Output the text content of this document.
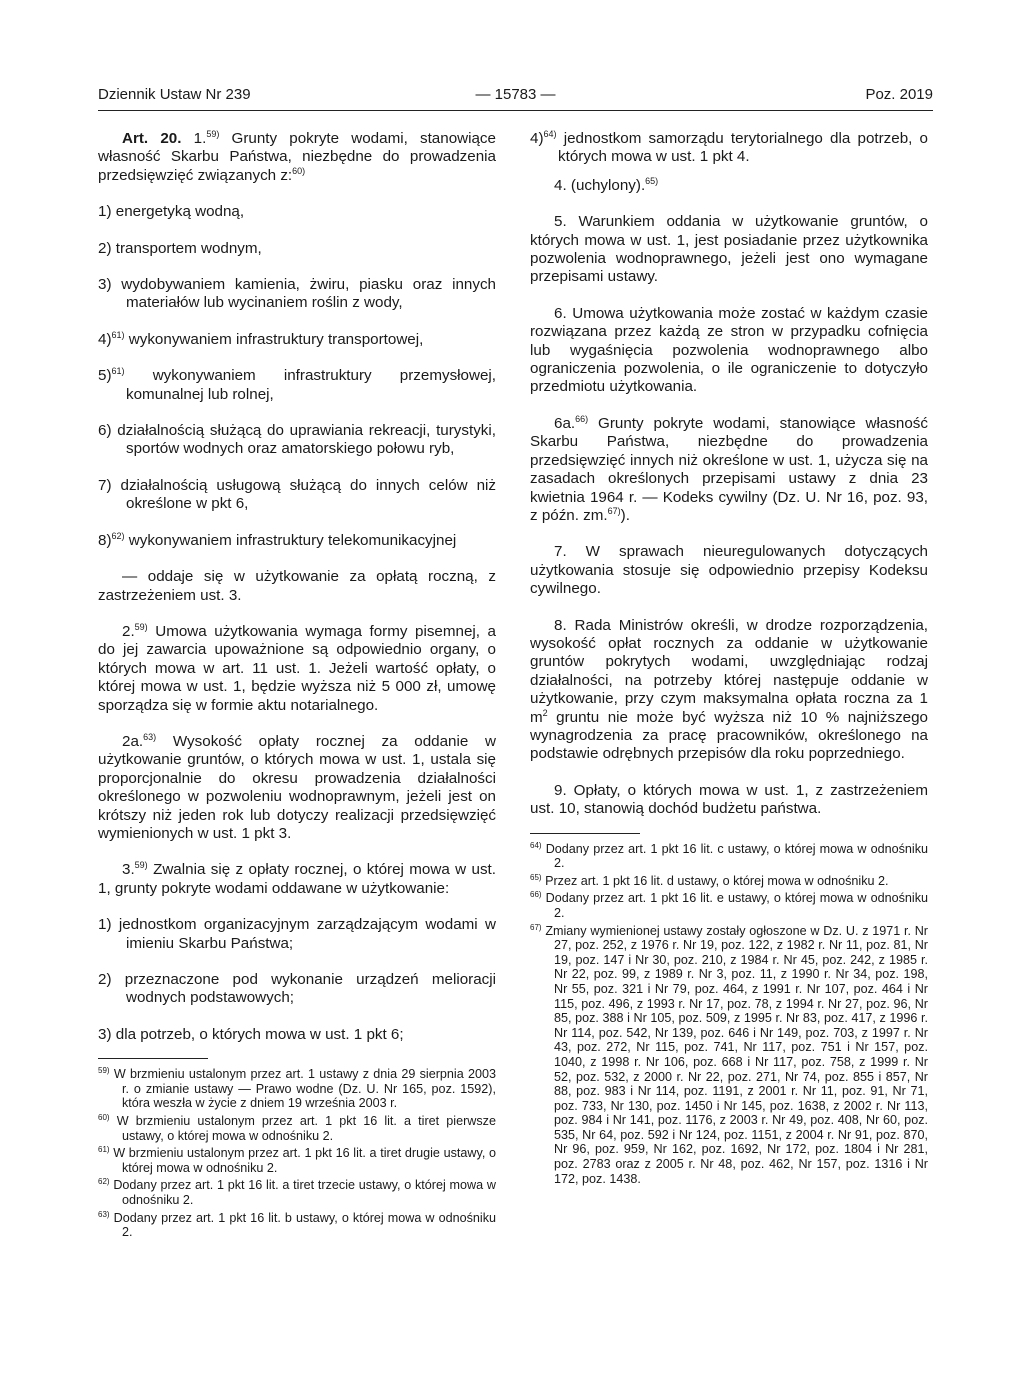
Dziennik Ustaw Nr 239	— 15783 —	Poz. 2019

Art. 20. 1.$^{59)}$ Grunty pokryte wodami, stanowiące własność Skarbu Państwa, niezbędne do prowadzenia przedsięwzięć związanych z:$^{60)}$

1) energetyką wodną,
2) transportem wodnym,
3) wydobywaniem kamienia, żwiru, piasku oraz innych materiałów lub wycinaniem roślin z wody,
4)$^{61)}$ wykonywaniem infrastruktury transportowej,
5)$^{61)}$ wykonywaniem infrastruktury przemysłowej, komunalnej lub rolnej,
6) działalnością służącą do uprawiania rekreacji, turystyki, sportów wodnych oraz amatorskiego połowu ryb,
7) działalnością usługową służącą do innych celów niż określone w pkt 6,
8)$^{62)}$ wykonywaniem infrastruktury telekomunikacyjnej

— oddaje się w użytkowanie za opłatą roczną, z zastrzeżeniem ust. 3.

2.$^{59)}$ Umowa użytkowania wymaga formy pisemnej, a do jej zawarcia upoważnione są odpowiednio organy, o których mowa w art. 11 ust. 1. Jeżeli wartość opłaty, o której mowa w ust. 1, będzie wyższa niż 5 000 zł, umowę sporządza się w formie aktu notarialnego.

2a.$^{63)}$ Wysokość opłaty rocznej za oddanie w użytkowanie gruntów, o których mowa w ust. 1, ustala się proporcjonalnie do okresu prowadzenia działalności określonego w pozwoleniu wodnoprawnym, jeżeli jest on krótszy niż jeden rok lub dotyczy realizacji przedsięwzięć wymienionych w ust. 1 pkt 3.

3.$^{59)}$ Zwalnia się z opłaty rocznej, o której mowa w ust. 1, grunty pokryte wodami oddawane w użytkowanie:

1) jednostkom organizacyjnym zarządzającym wodami w imieniu Skarbu Państwa;
2) przeznaczone pod wykonanie urządzeń melioracji wodnych podstawowych;
3) dla potrzeb, o których mowa w ust. 1 pkt 6;
$^{59)}$ W brzmieniu ustalonym przez art. 1 ustawy z dnia 29 sierpnia 2003 r. o zmianie ustawy — Prawo wodne (Dz. U. Nr 165, poz. 1592), która weszła w życie z dniem 19 września 2003 r.
$^{60)}$ W brzmieniu ustalonym przez art. 1 pkt 16 lit. a tiret pierwsze ustawy, o której mowa w odnośniku 2.
$^{61)}$ W brzmieniu ustalonym przez art. 1 pkt 16 lit. a tiret drugie ustawy, o której mowa w odnośniku 2.
$^{62)}$ Dodany przez art. 1 pkt 16 lit. a tiret trzecie ustawy, o której mowa w odnośniku 2.
$^{63)}$ Dodany przez art. 1 pkt 16 lit. b ustawy, o której mowa w odnośniku 2.
4)$^{64)}$ jednostkom samorządu terytorialnego dla potrzeb, o których mowa w ust. 1 pkt 4.

4. (uchylony).$^{65)}$

5. Warunkiem oddania w użytkowanie gruntów, o których mowa w ust. 1, jest posiadanie przez użytkownika pozwolenia wodnoprawnego, jeżeli jest ono wymagane przepisami ustawy.

6. Umowa użytkowania może zostać w każdym czasie rozwiązana przez każdą ze stron w przypadku cofnięcia lub wygaśnięcia pozwolenia wodnoprawnego albo ograniczenia pozwolenia, o ile ograniczenie to dotyczyło przedmiotu użytkowania.

6a.$^{66)}$ Grunty pokryte wodami, stanowiące własność Skarbu Państwa, niezbędne do prowadzenia przedsięwzięć innych niż określone w ust. 1, użycza się na zasadach określonych przepisami ustawy z dnia 23 kwietnia 1964 r. — Kodeks cywilny (Dz. U. Nr 16, poz. 93, z późn. zm.$^{67)}$).

7. W sprawach nieuregulowanych dotyczących użytkowania stosuje się odpowiednio przepisy Kodeksu cywilnego.

8. Rada Ministrów określi, w drodze rozporządzenia, wysokość opłat rocznych za oddanie w użytkowanie gruntów pokrytych wodami, uwzględniając rodzaj działalności, na potrzeby której następuje oddanie w użytkowanie, przy czym maksymalna opłata roczna za 1 $m^2$ gruntu nie może być wyższa niż 10 % najniższego wynagrodzenia za pracę pracowników, określonego na podstawie odrębnych przepisów dla roku poprzedniego.

9. Opłaty, o których mowa w ust. 1, z zastrzeżeniem ust. 10, stanowią dochód budżetu państwa.

$^{64)}$ Dodany przez art. 1 pkt 16 lit. c ustawy, o której mowa w odnośniku 2.
$^{65)}$ Przez art. 1 pkt 16 lit. d ustawy, o której mowa w odnośniku 2.
$^{66)}$ Dodany przez art. 1 pkt 16 lit. e ustawy, o której mowa w odnośniku 2.
$^{67)}$ Zmiany wymienionej ustawy zostały ogłoszone w Dz. U. z 1971 r. Nr 27, poz. 252, z 1976 r. Nr 19, poz. 122, z 1982 r. Nr 11, poz. 81, Nr 19, poz. 147 i Nr 30, poz. 210, z 1984 r. Nr 45, poz. 242, z 1985 r. Nr 22, poz. 99, z 1989 r. Nr 3, poz. 11, z 1990 r. Nr 34, poz. 198, Nr 55, poz. 321 i Nr 79, poz. 464, z 1991 r. Nr 107, poz. 464 i Nr 115, poz. 496, z 1993 r. Nr 17, poz. 78, z 1994 r. Nr 27, poz. 96, Nr 85, poz. 388 i Nr 105, poz. 509, z 1995 r. Nr 83, poz. 417, z 1996 r. Nr 114, poz. 542, Nr 139, poz. 646 i Nr 149, poz. 703, z 1997 r. Nr 43, poz. 272, Nr 115, poz. 741, Nr 117, poz. 751 i Nr 157, poz. 1040, z 1998 r. Nr 106, poz. 668 i Nr 117, poz. 758, z 1999 r. Nr 52, poz. 532, z 2000 r. Nr 22, poz. 271, Nr 74, poz. 855 i 857, Nr 88, poz. 983 i Nr 114, poz. 1191, z 2001 r. Nr 11, poz. 91, Nr 71, poz. 733, Nr 130, poz. 1450 i Nr 145, poz. 1638, z 2002 r. Nr 113, poz. 984 i Nr 141, poz. 1176, z 2003 r. Nr 49, poz. 408, Nr 60, poz. 535, Nr 64, poz. 592 i Nr 124, poz. 1151, z 2004 r. Nr 91, poz. 870, Nr 96, poz. 959, Nr 162, poz. 1692, Nr 172, poz. 1804 i Nr 281, poz. 2783 oraz z 2005 r. Nr 48, poz. 462, Nr 157, poz. 1316 i Nr 172, poz. 1438.
